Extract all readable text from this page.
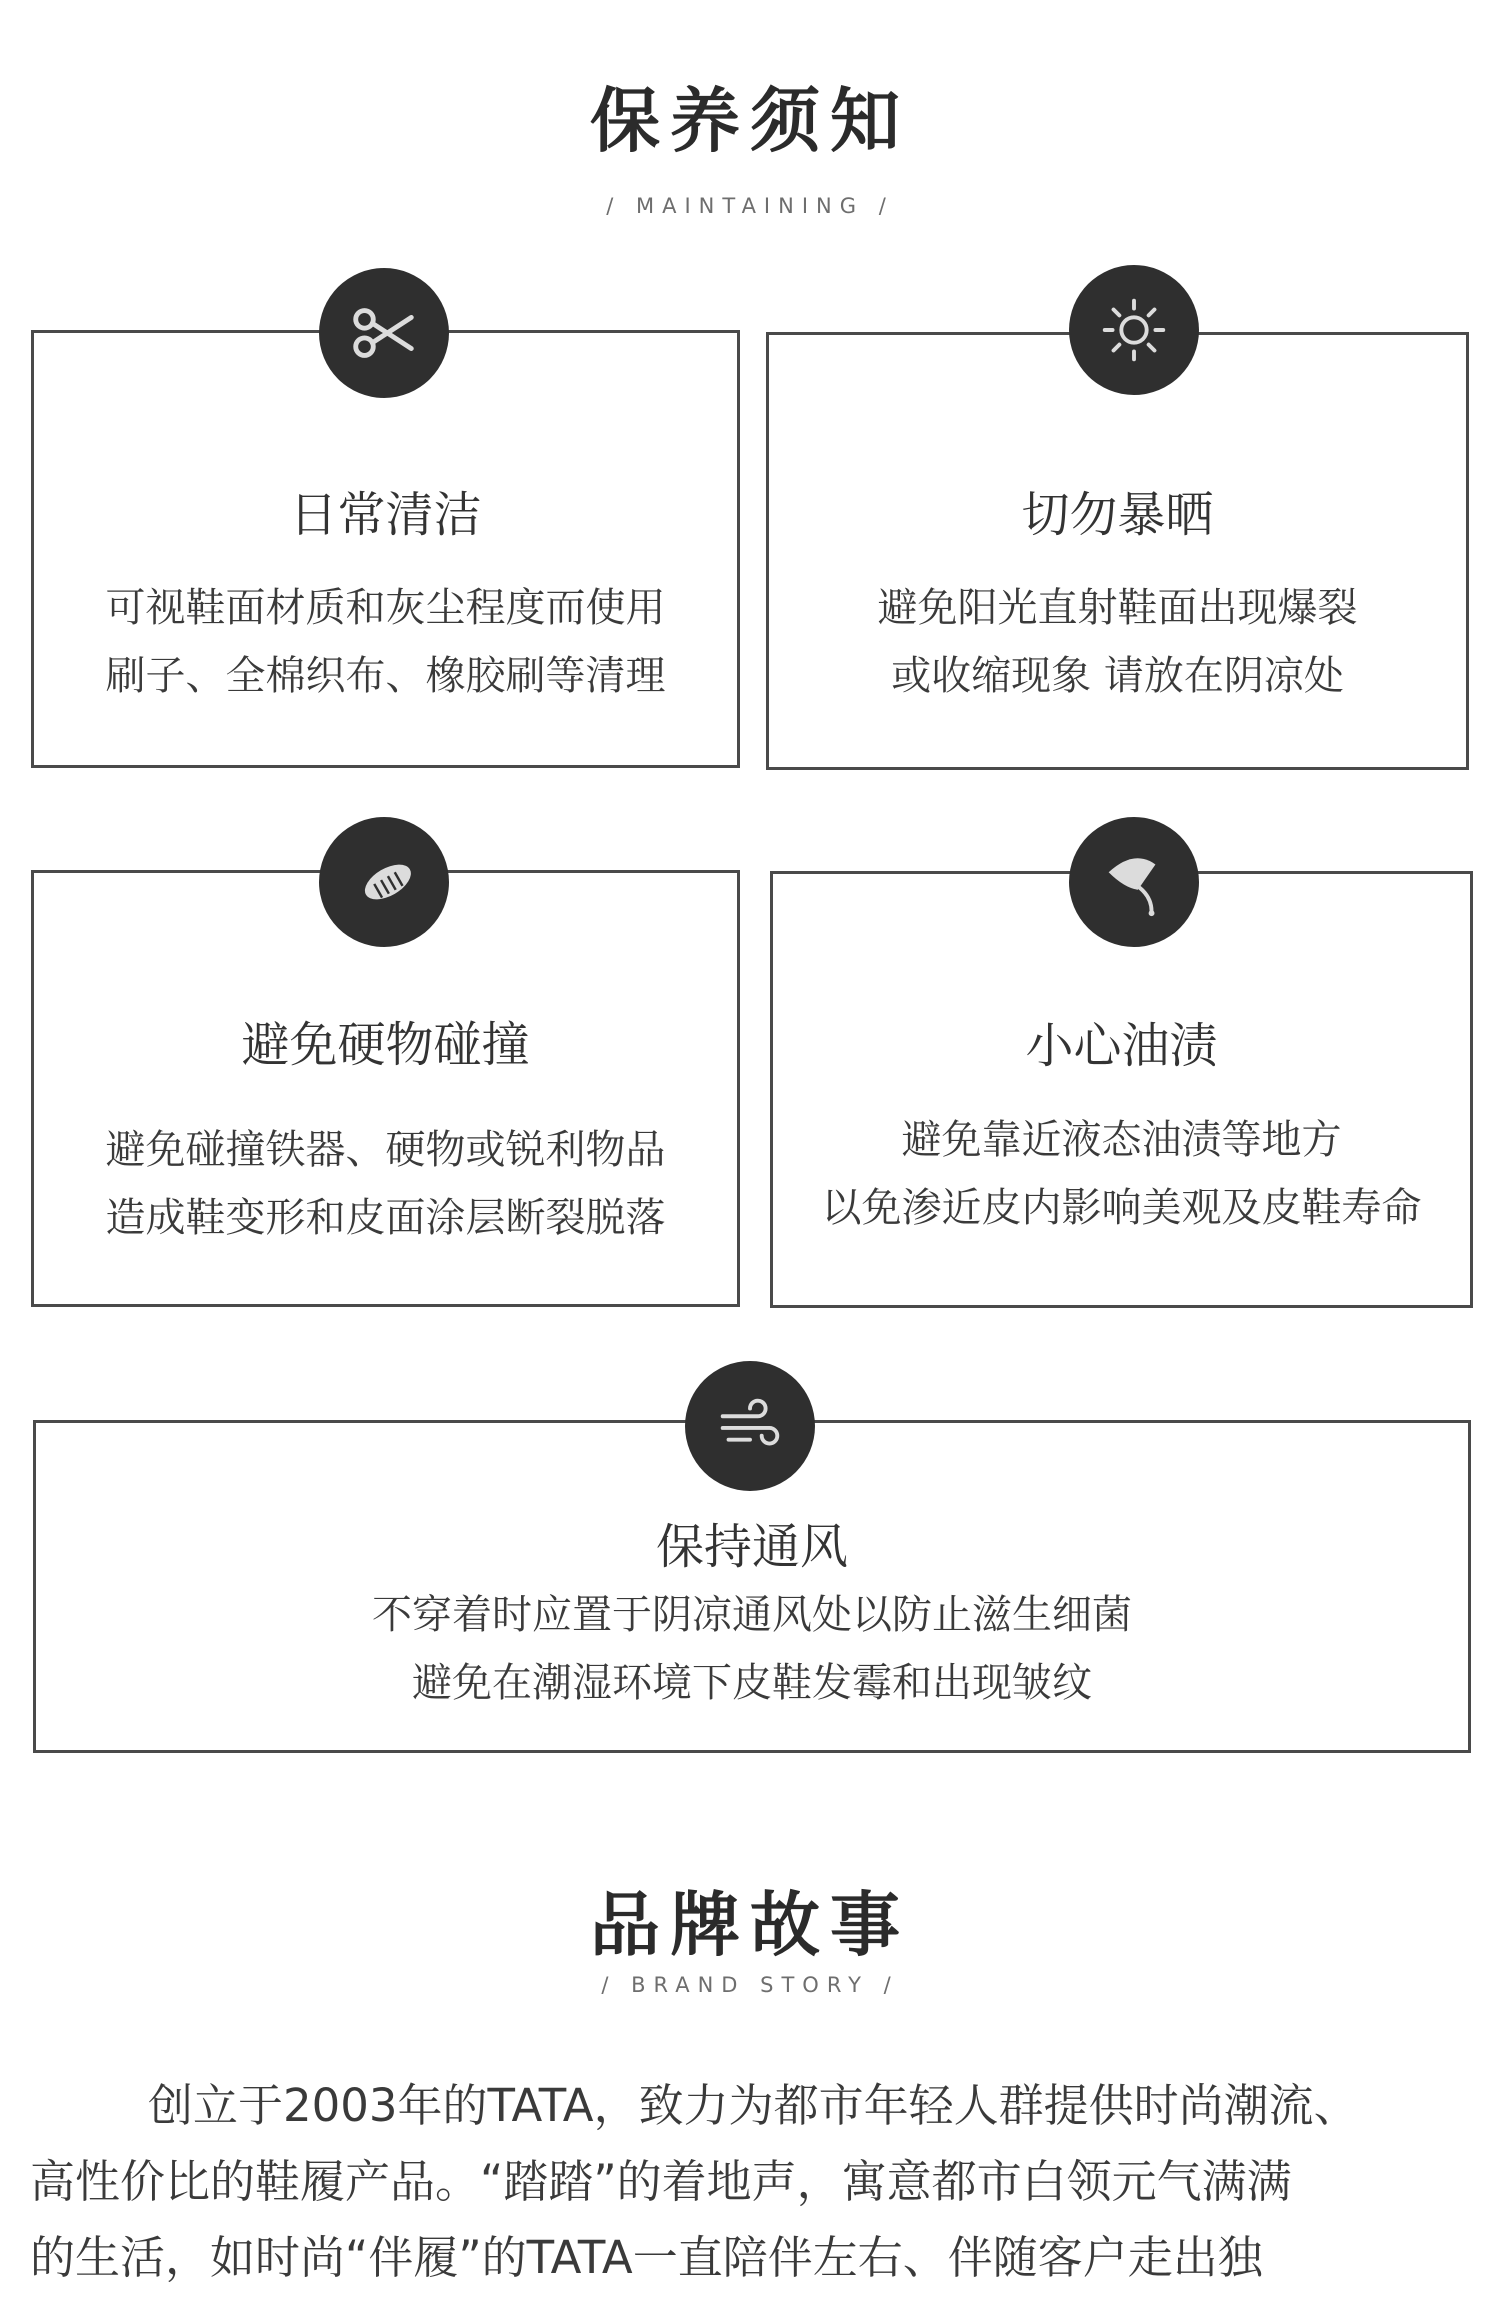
保养须知
/ MAINTAINING /
日常清洁
可视鞋面材质和灰尘程度而使用
刷子、全棉织布、橡胶刷等清理
切勿暴晒
避免阳光直射鞋面出现爆裂
或收缩现象 请放在阴凉处
避免硬物碰撞
避免碰撞铁器、硬物或锐利物品
造成鞋变形和皮面涂层断裂脱落
小心油渍
避免靠近液态油渍等地方
以免渗近皮内影响美观及皮鞋寿命
保持通风
不穿着时应置于阴凉通风处以防止滋生细菌
避免在潮湿环境下皮鞋发霉和出现皱纹
品牌故事
/ BRAND STORY /
创立于2003年的TATA，致力为都市年轻人群提供时尚潮流、
高性价比的鞋履产品。“踏踏”的着地声，寓意都市白领元气满满
的生活，如时尚“伴履”的TATA一直陪伴左右、伴随客户走出独
